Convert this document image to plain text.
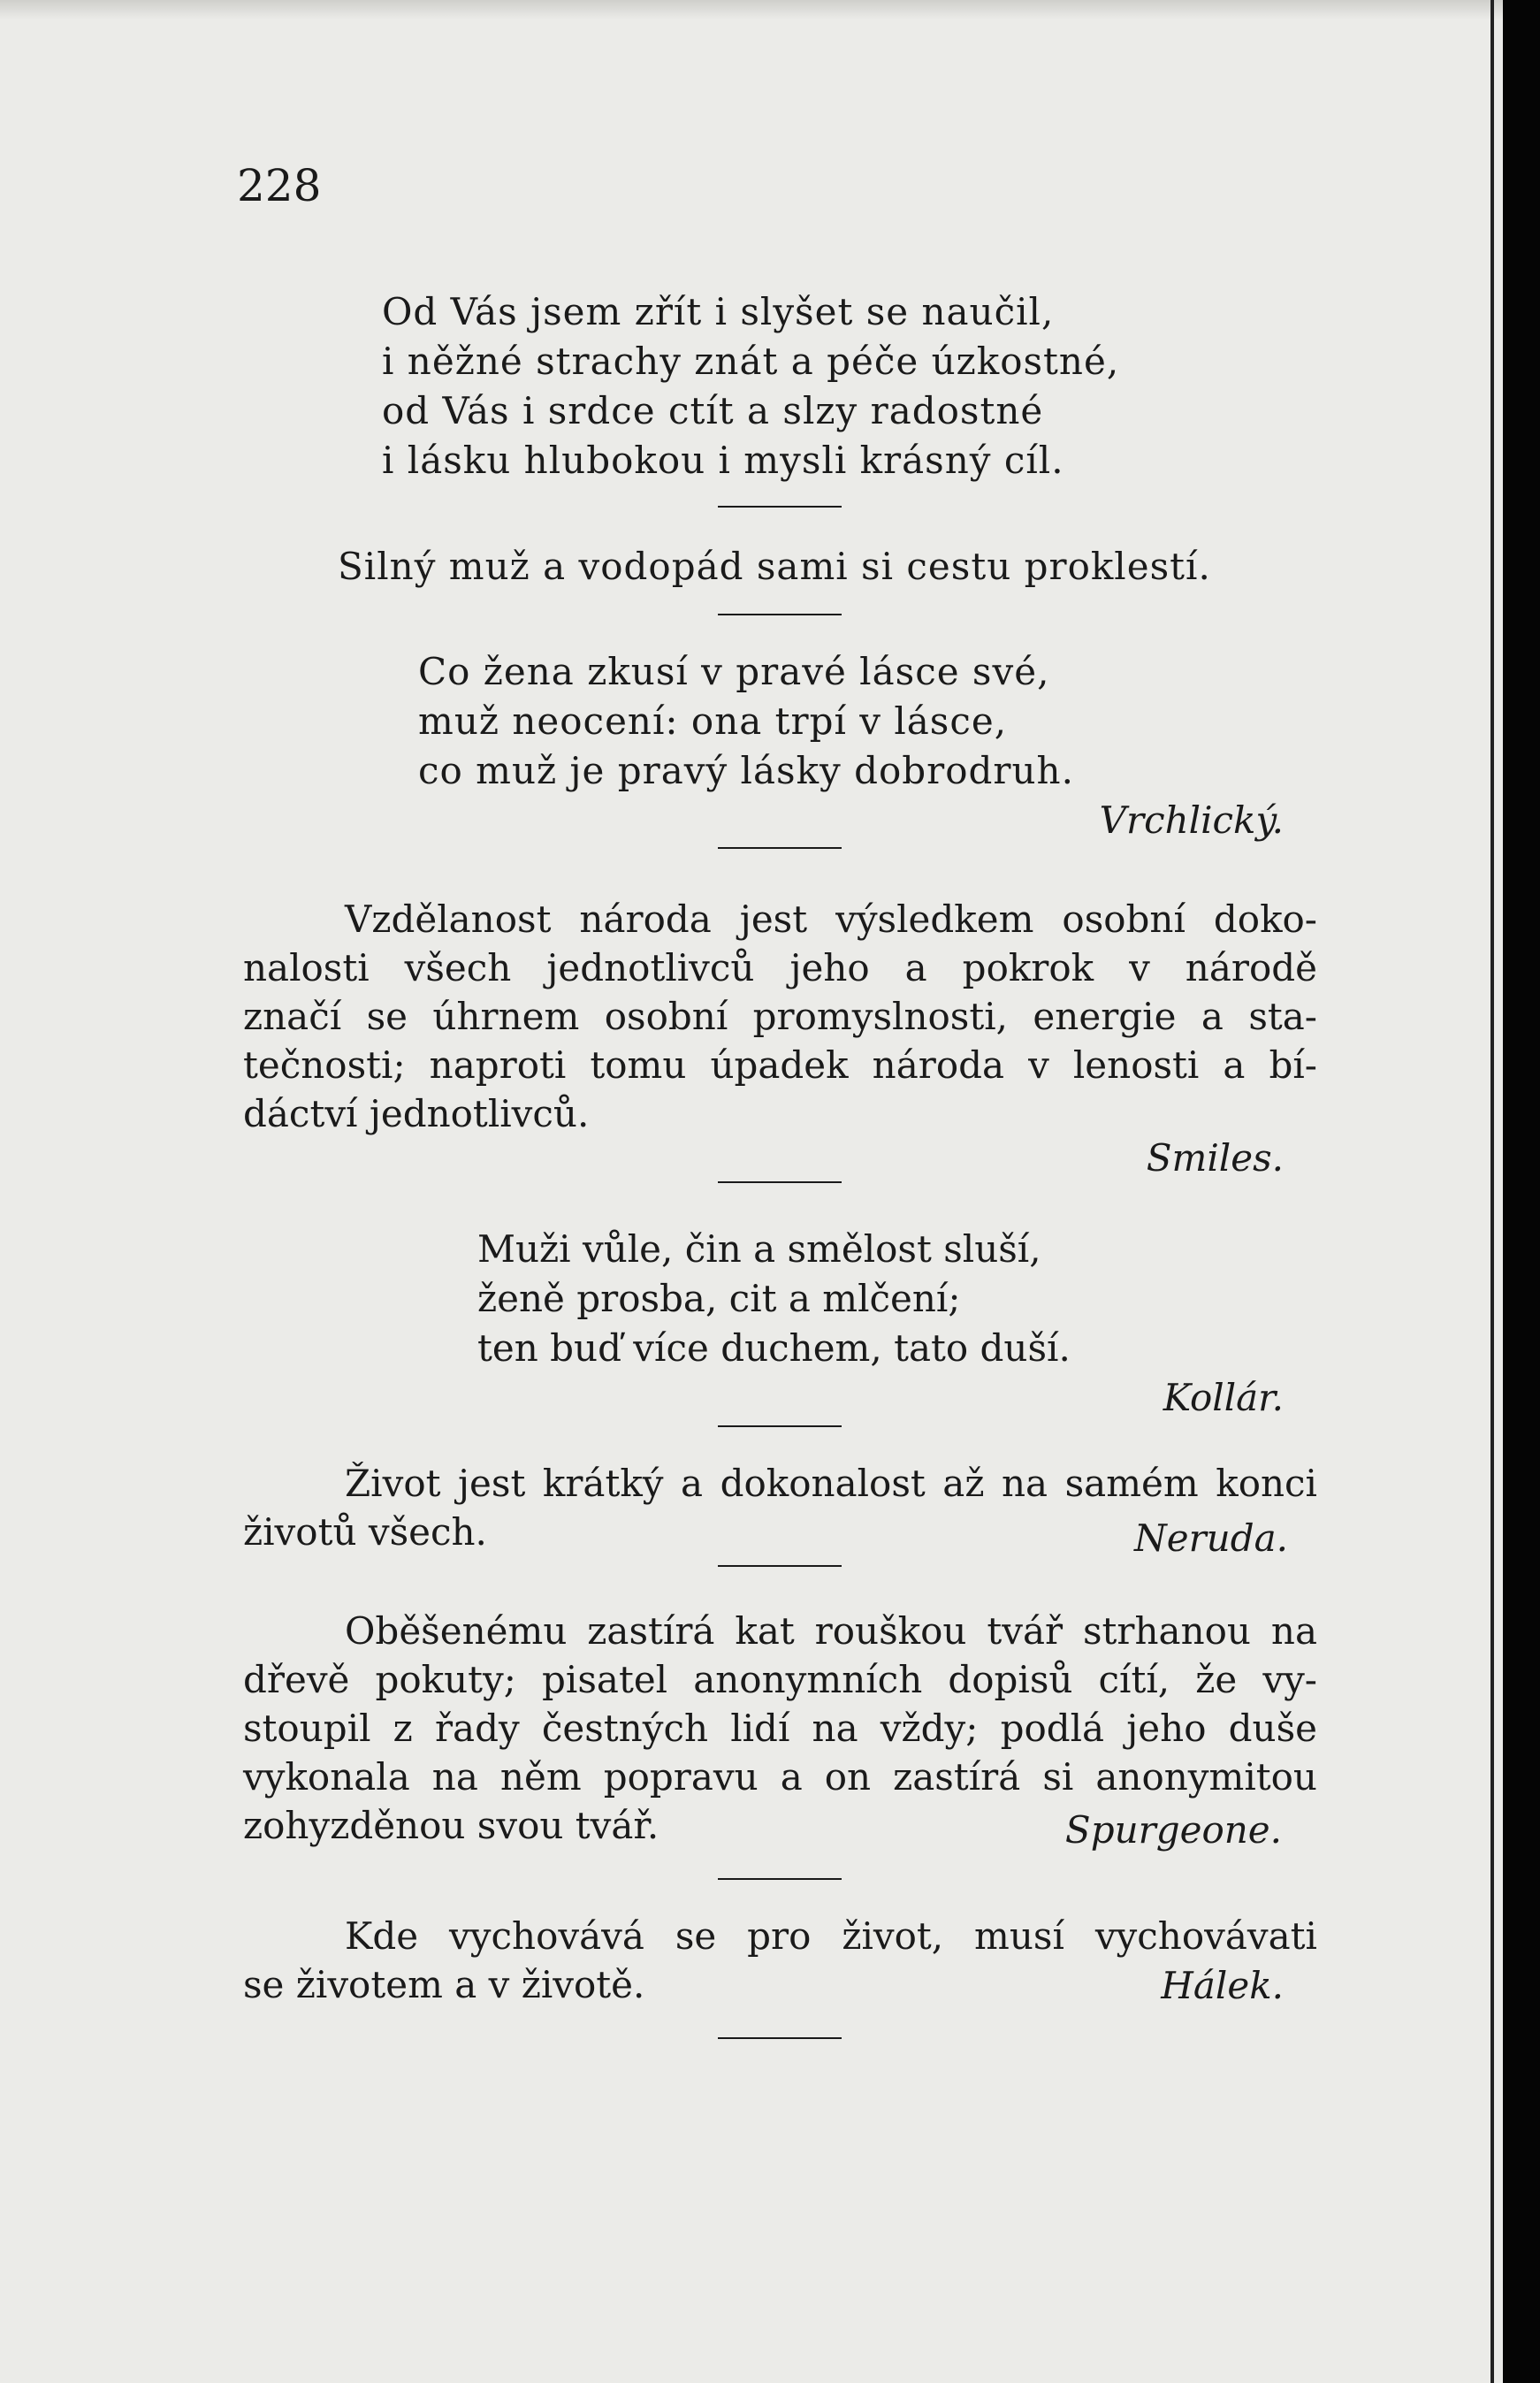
228
Od Vás jsem zřít i slyšet se naučil,
i něžné strachy znát a péče úzkostné,
od Vás i srdce ctít a slzy radostné
i lásku hlubokou i mysli krásný cíl.
Silný muž a vodopád sami si cestu proklestí.
Co žena zkusí v pravé lásce své,
muž neocení: ona trpí v lásce,
co muž je pravý lásky dobrodruh.
Vrchlický.
Vzdělanost národa jest výsledkem osobní doko-
nalosti všech jednotlivců jeho a pokrok v národě
značí se úhrnem osobní promyslnosti, energie a sta-
tečnosti; naproti tomu úpadek národa v lenosti a bí-
dáctví jednotlivců.
Smiles.
Muži vůle, čin a smělost sluší,
ženě prosba, cit a mlčení;
ten buď více duchem, tato duší.
Kollár.
Život jest krátký a dokonalost až na samém konci
životů všech.	Neruda.
Oběšenému zastírá kat rouškou tvář strhanou na
dřevě pokuty; pisatel anonymních dopisů cítí, že vy-
stoupil z řady čestných lidí na vždy; podlá jeho duše
vykonala na něm popravu a on zastírá si anonymitou
zohyzděnou svou tvář.	Spurgeone.
Kde vychovává se pro život, musí vychovávati
se životem a v životě.	Hálek.
